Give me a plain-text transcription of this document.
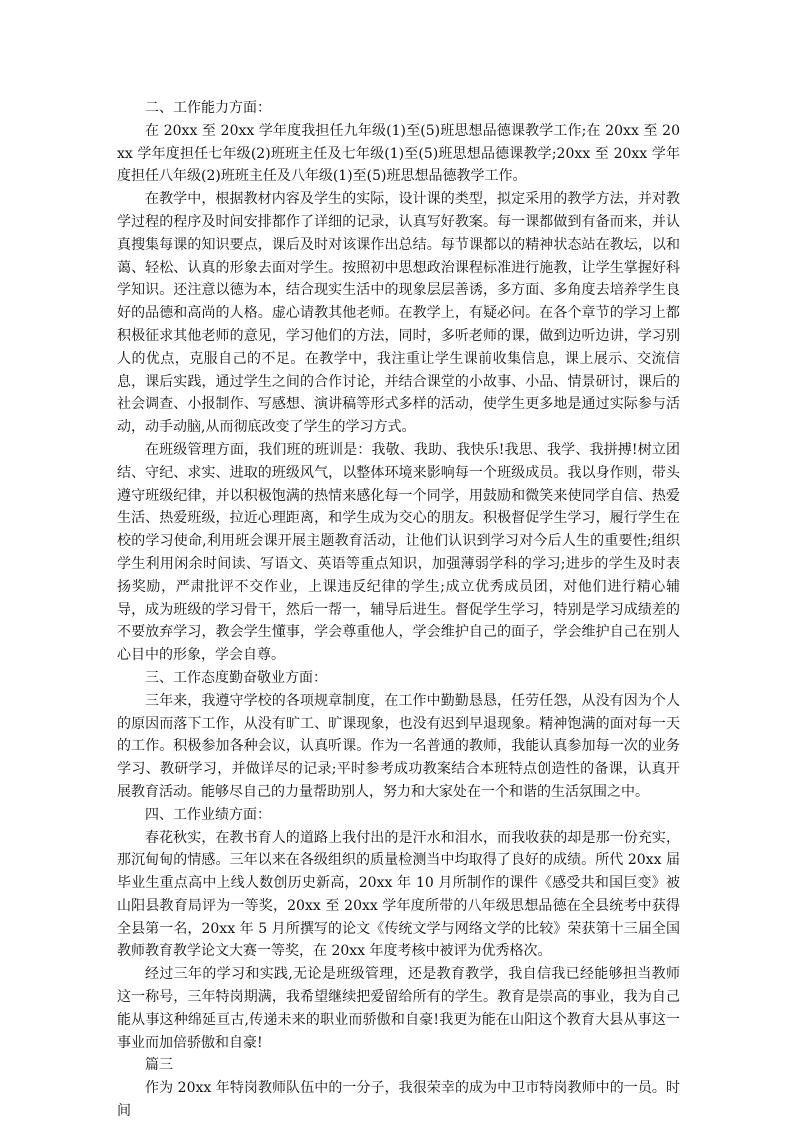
二、工作能力方面：

在 20xx 至 20xx 学年度我担任九年级(1)至(5)班思想品德课教学工作;在 20xx 至 20xx 学年度担任七年级(2)班班主任及七年级(1)至(5)班思想品德课教学;20xx 至 20xx 学年度担任八年级(2)班班主任及八年级(1)至(5)班思想品德教学工作。

在教学中，根据教材内容及学生的实际，设计课的类型，拟定采用的教学方法，并对教学过程的程序及时间安排都作了详细的记录，认真写好教案。每一课都做到有备而来，并认真搜集每课的知识要点，课后及时对该课作出总结。每节课都以的精神状态站在教坛，以和蔼、轻松、认真的形象去面对学生。按照初中思想政治课程标准进行施教，让学生掌握好科学知识。还注意以德为本，结合现实生活中的现象层层善诱，多方面、多角度去培养学生良好的品德和高尚的人格。虚心请教其他老师。在教学上，有疑必问。在各个章节的学习上都积极征求其他老师的意见，学习他们的方法，同时，多听老师的课，做到边听边讲，学习别人的优点，克服自己的不足。在教学中，我注重让学生课前收集信息，课上展示、交流信息，课后实践，通过学生之间的合作讨论，并结合课堂的小故事、小品、情景研讨，课后的社会调查、小报制作、写感想、演讲稿等形式多样的活动，使学生更多地是通过实际参与活动，动手动脑,从而彻底改变了学生的学习方式。

在班级管理方面，我们班的班训是：我敬、我助、我快乐!我思、我学、我拼搏!树立团结、守纪、求实、进取的班级风气，以整体环境来影响每一个班级成员。我以身作则，带头遵守班级纪律，并以积极饱满的热情来感化每一个同学，用鼓励和微笑来使同学自信、热爱生活、热爱班级，拉近心理距离，和学生成为交心的朋友。积极督促学生学习，履行学生在校的学习使命,利用班会课开展主题教育活动，让他们认识到学习对今后人生的重要性;组织学生利用闲余时间读、写语文、英语等重点知识，加强薄弱学科的学习;进步的学生及时表扬奖励，严肃批评不交作业，上课违反纪律的学生;成立优秀成员团，对他们进行精心辅导，成为班级的学习骨干，然后一帮一，辅导后进生。督促学生学习，特别是学习成绩差的不要放弃学习，教会学生懂事，学会尊重他人，学会维护自己的面子，学会维护自己在别人心目中的形象，学会自尊。

三、工作态度勤奋敬业方面：

三年来，我遵守学校的各项规章制度，在工作中勤勤恳恳，任劳任怨，从没有因为个人的原因而落下工作，从没有旷工、旷课现象，也没有迟到早退现象。精神饱满的面对每一天的工作。积极参加各种会议，认真听课。作为一名普通的教师，我能认真参加每一次的业务学习、教研学习，并做详尽的记录;平时参考成功教案结合本班特点创造性的备课，认真开展教育活动。能够尽自己的力量帮助别人，努力和大家处在一个和谐的生活氛围之中。

四、工作业绩方面：

春花秋实，在教书育人的道路上我付出的是汗水和泪水，而我收获的却是那一份充实，那沉甸甸的情感。三年以来在各级组织的质量检测当中均取得了良好的成绩。所代 20xx 届毕业生重点高中上线人数创历史新高，20xx 年 10 月所制作的课件《感受共和国巨变》被山阳县教育局评为一等奖，20xx 至 20xx 学年度所带的八年级思想品德在全县统考中获得全县第一名，20xx 年 5 月所撰写的论文《传统文学与网络文学的比较》荣获第十三届全国教师教育教学论文大赛一等奖，在 20xx 年度考核中被评为优秀格次。

经过三年的学习和实践,无论是班级管理，还是教育教学，我自信我已经能够担当教师这一称号，三年特岗期满，我希望继续把爱留给所有的学生。教育是崇高的事业，我为自己能从事这种绵延亘古,传递未来的职业而骄傲和自豪!我更为能在山阳这个教育大县从事这一事业而加倍骄傲和自豪!

篇三

作为 20xx 年特岗教师队伍中的一分子，我很荣幸的成为中卫市特岗教师中的一员。时间
